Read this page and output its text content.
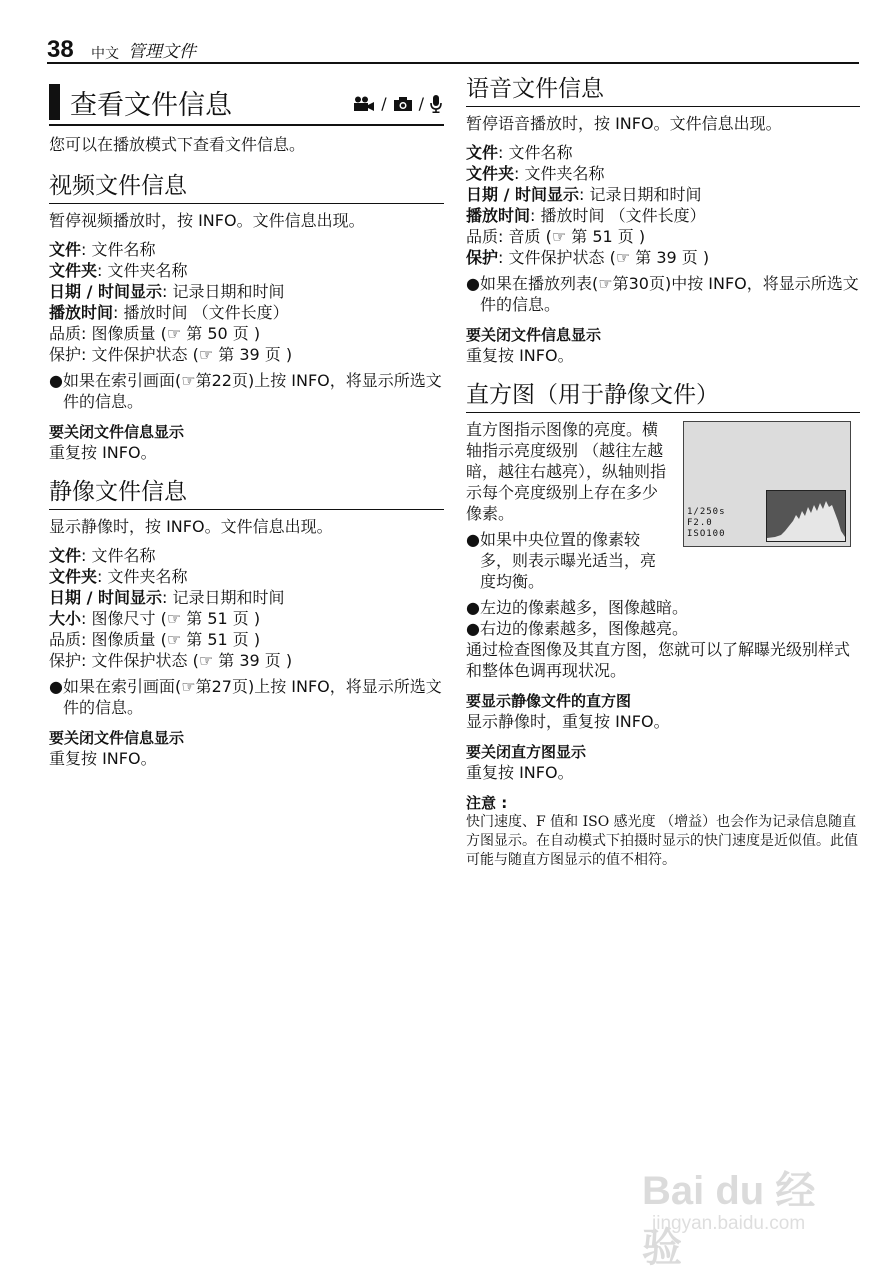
38 中文 管理文件
查看文件信息	/ /

您可以在播放模式下查看文件信息。

视频文件信息

暂停视频播放时，按 INFO。文件信息出现。

文件: 文件名称
文件夹: 文件夹名称
日期 / 时间显示: 记录日期和时间
播放时间: 播放时间 （文件长度）
品质: 图像质量 (☞ 第 50 页 )
保护: 文件保护状态 (☞ 第 39 页 )
● 如果在索引画面(☞第22页)上按 INFO，将显示所选文件的信息。
要关闭文件信息显示
重复按 INFO。
静像文件信息

显示静像时，按 INFO。文件信息出现。

文件: 文件名称
文件夹: 文件夹名称
日期 / 时间显示: 记录日期和时间
大小: 图像尺寸 (☞ 第 51 页 )
品质: 图像质量 (☞ 第 51 页 )
保护: 文件保护状态 (☞ 第 39 页 )
● 如果在索引画面(☞第27页)上按 INFO，将显示所选文件的信息。
要关闭文件信息显示
重复按 INFO。
语音文件信息

暂停语音播放时，按 INFO。文件信息出现。

文件: 文件名称
文件夹: 文件夹名称
日期 / 时间显示: 记录日期和时间
播放时间: 播放时间 （文件长度）
品质: 音质 (☞ 第 51 页 )
保护: 文件保护状态 (☞ 第 39 页 )
● 如果在播放列表(☞第30页)中按 INFO，将显示所选文件的信息。
要关闭文件信息显示
重复按 INFO。
直方图（用于静像文件）

直方图指示图像的亮度。横轴指示亮度级别 （越往左越暗，越往右越亮），纵轴则指示每个亮度级别上存在多少像素。

● 如果中央位置的像素较多，则表示曝光适当，亮度均衡。
1/250s
F2.0
ISO100
● 左边的像素越多，图像越暗。
● 右边的像素越多，图像越亮。

通过检查图像及其直方图，您就可以了解曝光级别样式和整体色调再现状况。

要显示静像文件的直方图
显示静像时，重复按 INFO。
要关闭直方图显示
重复按 INFO。
注意 :

快门速度、F 值和 ISO 感光度 （增益）也会作为记录信息随直方图显示。在自动模式下拍摄时显示的快门速度是近似值。此值可能与随直方图显示的值不相符。

Bai du 经验
jingyan.baidu.com
